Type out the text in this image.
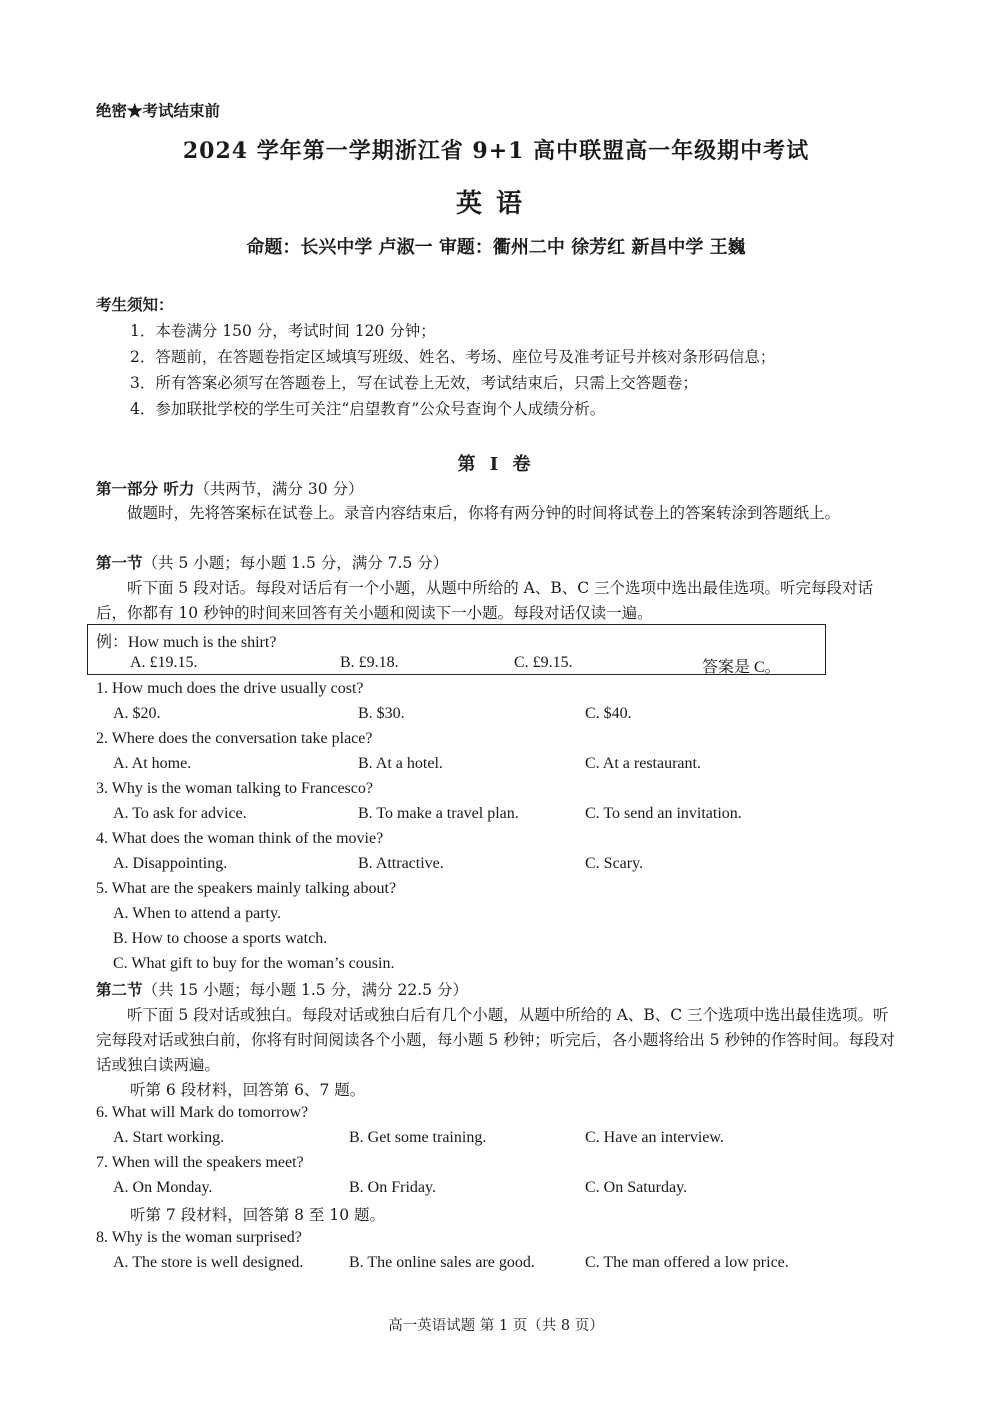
绝密★考试结束前
2024 学年第一学期浙江省 9+1 高中联盟高一年级期中考试
英语
命题：长兴中学 卢淑一 审题：衢州二中 徐芳红 新昌中学 王巍
考生须知：
1．本卷满分 150 分，考试时间 120 分钟；
2．答题前，在答题卷指定区域填写班级、姓名、考场、座位号及准考证号并核对条形码信息；
3．所有答案必须写在答题卷上，写在试卷上无效，考试结束后，只需上交答题卷；
4．参加联批学校的学生可关注“启望教育”公众号查询个人成绩分析。
第 I 卷
第一部分 听力（共两节，满分 30 分）
做题时，先将答案标在试卷上。录音内容结束后，你将有两分钟的时间将试卷上的答案转涂到答题纸上。
第一节（共 5 小题；每小题 1.5 分，满分 7.5 分）
听下面 5 段对话。每段对话后有一个小题，从题中所给的 A、B、C 三个选项中选出最佳选项。听完每段对话后，你都有 10 秒钟的时间来回答有关小题和阅读下一小题。每段对话仅读一遍。
例：How much is the shirt?
A. £19.15.	B. £9.18.	C. £9.15.	答案是 C。
1. How much does the drive usually cost?
A. $20.	B. $30.	C. $40.
2. Where does the conversation take place?
A. At home.	B. At a hotel.	C. At a restaurant.
3. Why is the woman talking to Francesco?
A. To ask for advice.	B. To make a travel plan.	C. To send an invitation.
4. What does the woman think of the movie?
A. Disappointing.	B. Attractive.	C. Scary.
5. What are the speakers mainly talking about?
A. When to attend a party.
B. How to choose a sports watch.
C. What gift to buy for the woman’s cousin.
第二节（共 15 小题；每小题 1.5 分，满分 22.5 分）
听下面 5 段对话或独白。每段对话或独白后有几个小题，从题中所给的 A、B、C 三个选项中选出最佳选项。听完每段对话或独白前，你将有时间阅读各个小题，每小题 5 秒钟；听完后，各小题将给出 5 秒钟的作答时间。每段对话或独白读两遍。
听第 6 段材料，回答第 6、7 题。
6. What will Mark do tomorrow?
A. Start working.	B. Get some training.	C. Have an interview.
7. When will the speakers meet?
A. On Monday.	B. On Friday.	C. On Saturday.
听第 7 段材料，回答第 8 至 10 题。
8. Why is the woman surprised?
A. The store is well designed.	B. The online sales are good.	C. The man offered a low price.
高一英语试题 第 1 页（共 8 页）
